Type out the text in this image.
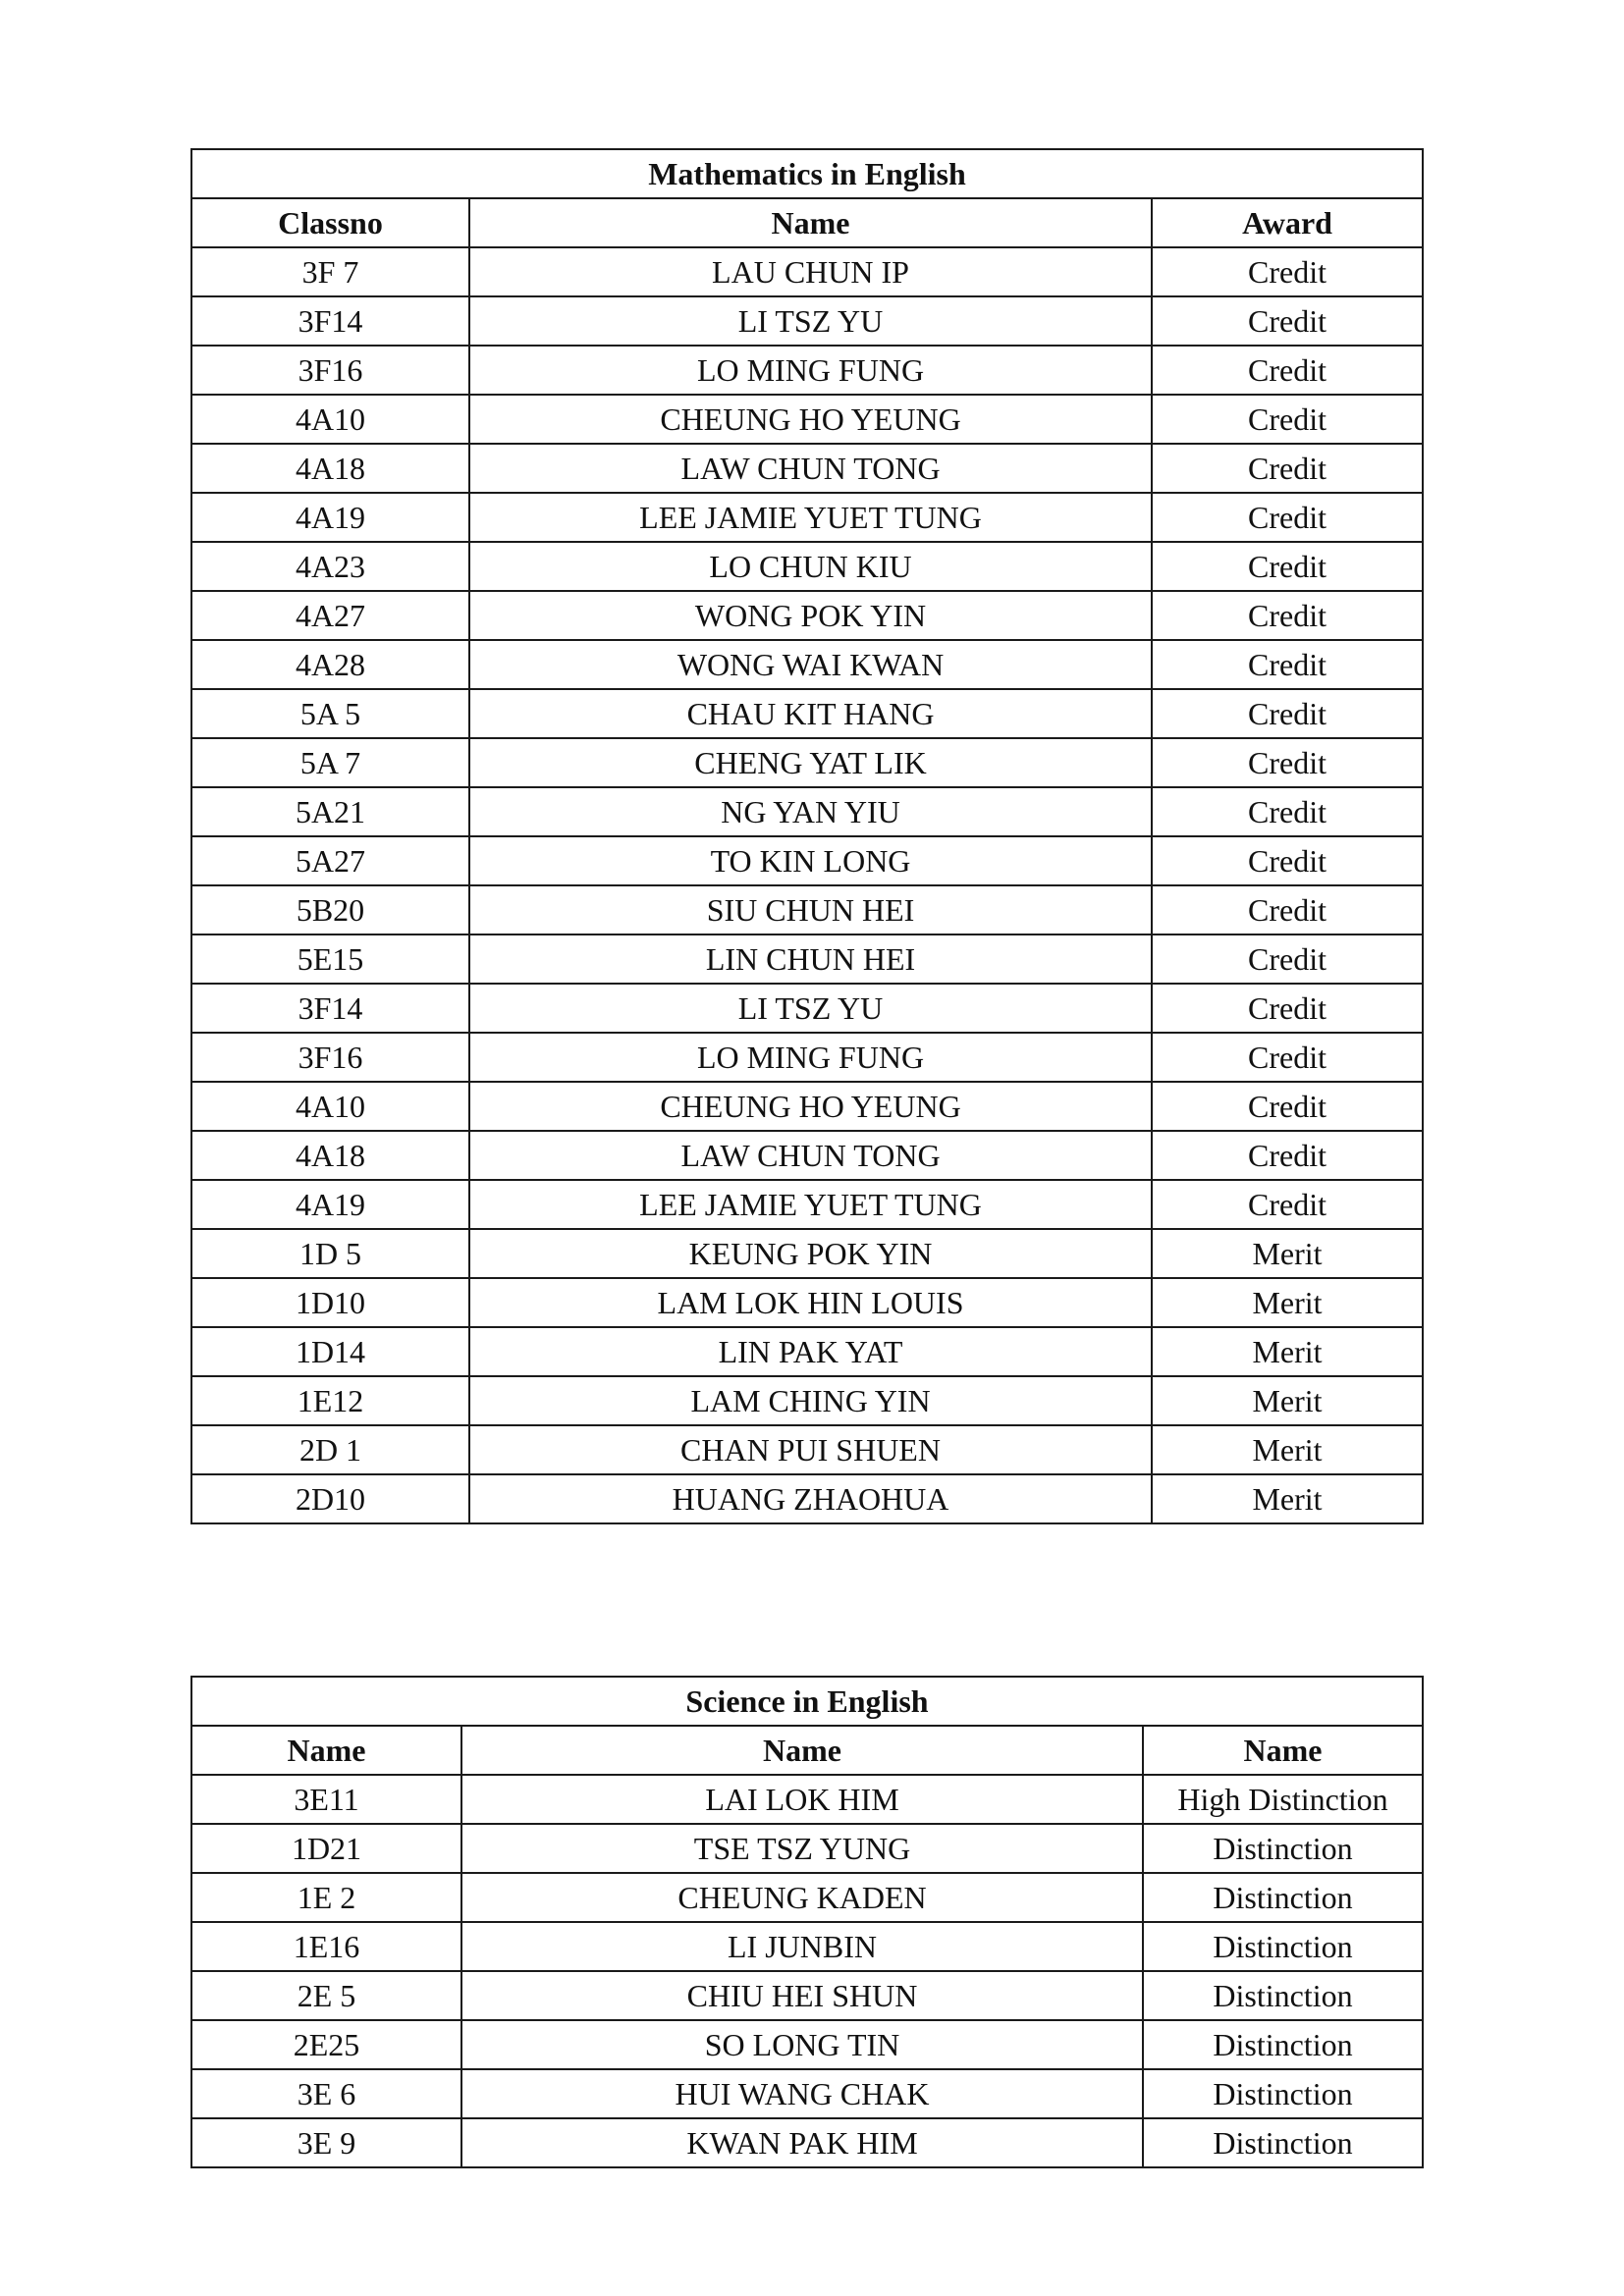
Mathematics in English		
Classno	Name	Award
3F 7	LAU CHUN IP	Credit
3F14	LI TSZ YU	Credit
3F16	LO MING FUNG	Credit
4A10	CHEUNG HO YEUNG	Credit
4A18	LAW CHUN TONG	Credit
4A19	LEE JAMIE YUET TUNG	Credit
4A23	LO CHUN KIU	Credit
4A27	WONG POK YIN	Credit
4A28	WONG WAI KWAN	Credit
5A 5	CHAU KIT HANG	Credit
5A 7	CHENG YAT LIK	Credit
5A21	NG YAN YIU	Credit
5A27	TO KIN LONG	Credit
5B20	SIU CHUN HEI	Credit
5E15	LIN CHUN HEI	Credit
3F14	LI TSZ YU	Credit
3F16	LO MING FUNG	Credit
4A10	CHEUNG HO YEUNG	Credit
4A18	LAW CHUN TONG	Credit
4A19	LEE JAMIE YUET TUNG	Credit
1D 5	KEUNG POK YIN	Merit
1D10	LAM LOK HIN LOUIS	Merit
1D14	LIN PAK YAT	Merit
1E12	LAM CHING YIN	Merit
2D 1	CHAN PUI SHUEN	Merit
2D10	HUANG ZHAOHUA	Merit
Science in English		
Name	Name	Name
3E11	LAI LOK HIM	High Distinction
1D21	TSE TSZ YUNG	Distinction
1E 2	CHEUNG KADEN	Distinction
1E16	LI JUNBIN	Distinction
2E 5	CHIU HEI SHUN	Distinction
2E25	SO LONG TIN	Distinction
3E 6	HUI WANG CHAK	Distinction
3E 9	KWAN PAK HIM	Distinction
